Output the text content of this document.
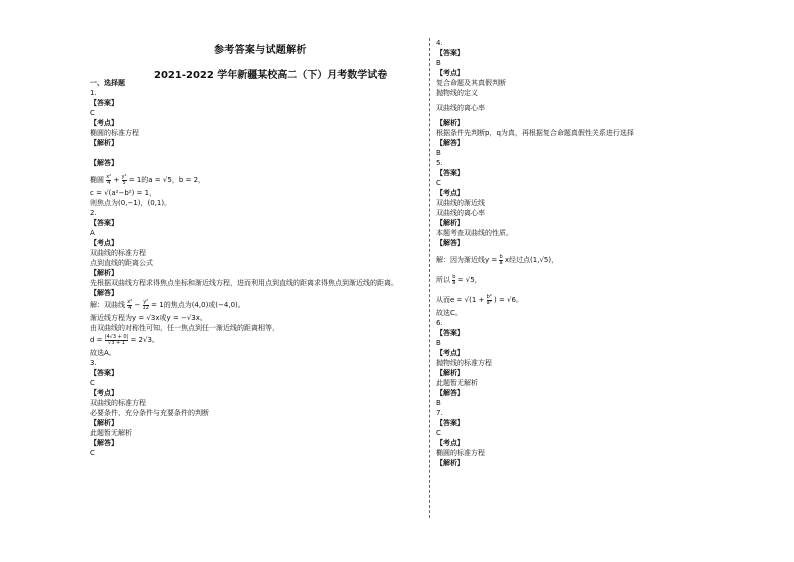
参考答案与试题解析
2021-2022 学年新疆某校高二（下）月考数学试卷
一、选择题
1.
【答案】
C
【考点】
椭圆的标准方程
【解析】
【解答】
椭圆 $\frac{\text{x²}}{4} + \frac{\text{y²}}{5} = 1$的a = √5，b = 2，
c = √(a²−b²) = 1，
则焦点为(0,−1)，(0,1)。
2.
【答案】
A
【考点】
双曲线的标准方程
点到直线的距离公式
【解析】
先根据双曲线方程求得焦点坐标和渐近线方程，进而利用点到直线的距离求得焦点到渐近线的距离。
【解答】
解：双曲线 $\frac{\text{x²}}{4} - \frac{\text{y²}}{12} = 1$的焦点为(4,0)或(−4,0)。
渐近线方程为y = √3x或y = −√3x。
由双曲线的对称性可知，任一焦点到任一渐近线的距离相等，
$d = \frac{|4√3 + 0|}{√3 + 1} = 2√3$。
故选A。
3.
【答案】
C
【考点】
双曲线的标准方程
必要条件、充分条件与充要条件的判断
【解析】
此题暂无解析
【解答】
C
4.
【答案】
B
【考点】
复合命题及其真假判断
抛物线的定义
双曲线的离心率
【解析】
根据条件先判断p，q为真，再根据复合命题真假性关系进行选择
【解答】
B
5.
【答案】
C
【考点】
双曲线的渐近线
双曲线的离心率
【解析】
本题考查双曲线的性质。
【解答】
解：因为渐近线$y = \frac{b}{a}$ x经过点(1,√5)，
所以 $\frac{b}{a} = √5$，
从而$e = √(1 + \frac{\text{b²}}{\text{a²}}$ ) = √6。
故选C。
6.
【答案】
B
【考点】
抛物线的标准方程
【解析】
此题暂无解析
【解答】
B
7.
【答案】
C
【考点】
椭圆的标准方程
【解析】
